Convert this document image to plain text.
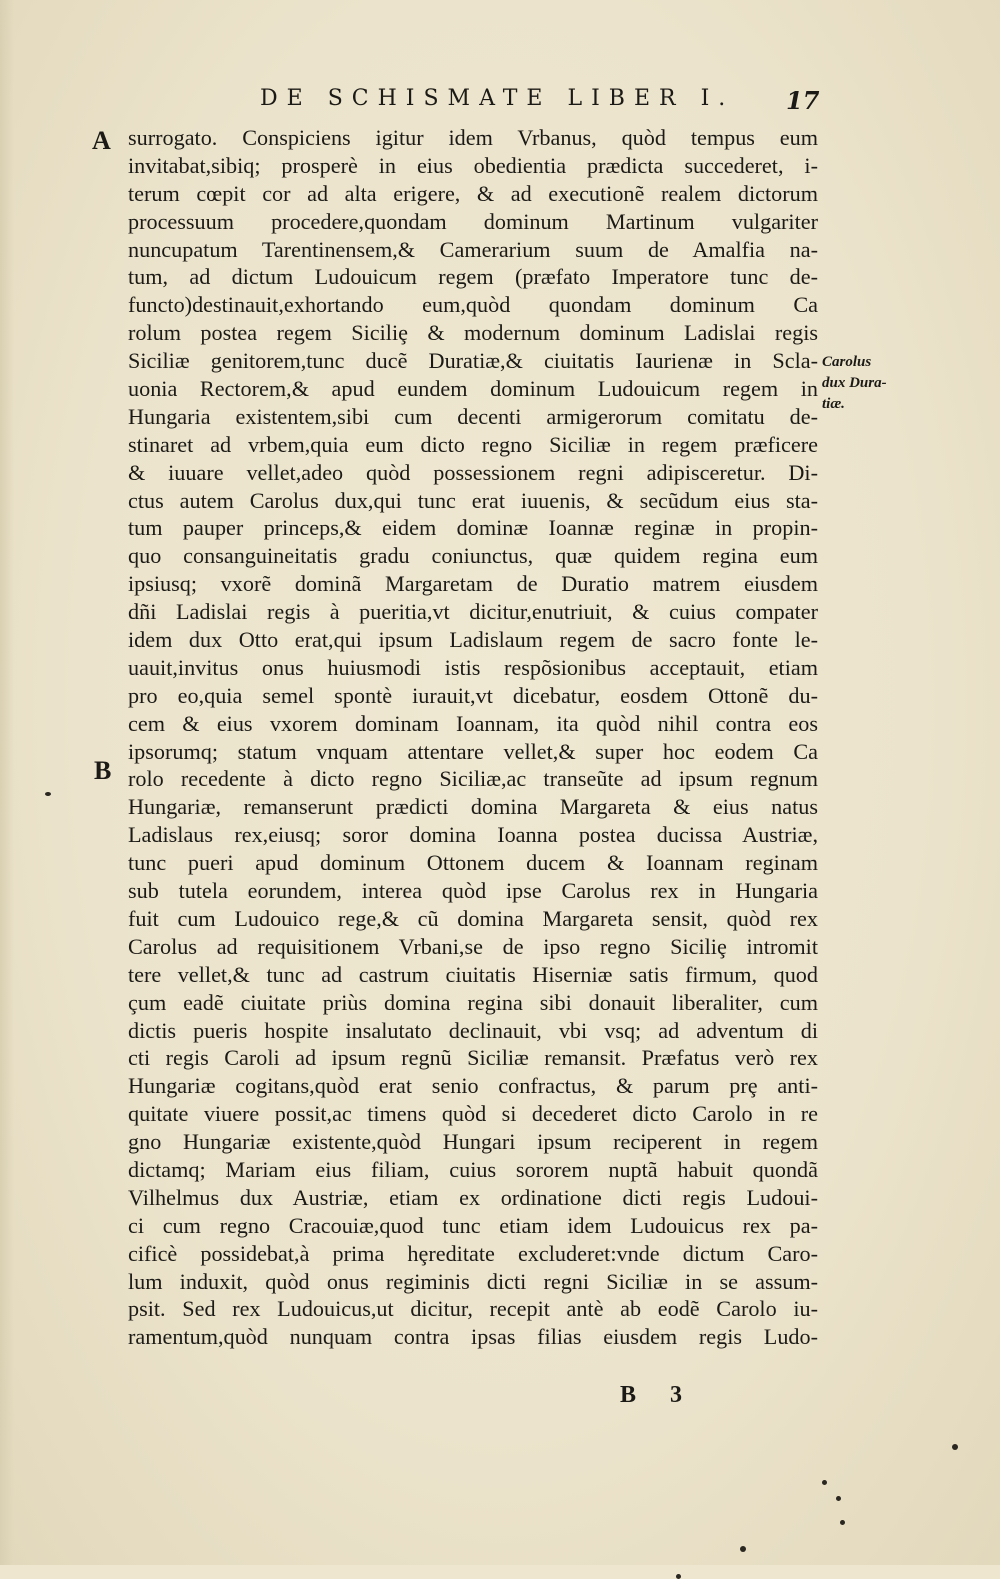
DE SCHISMATE LIBER I. 17
A
B
surrogato. Conspiciens igitur idem Vrbanus, quòd tempus eum
invitabat,sibiq; prosperè in eius obedientia prædicta succederet, i-
terum cœpit cor ad alta erigere, & ad executionẽ realem dictorum
processuum procedere,quondam dominum Martinum vulgariter
nuncupatum Tarentinensem,& Camerarium suum de Amalfia na-
tum, ad dictum Ludouicum regem (præfato Imperatore tunc de-
functo)destinauit,exhortando eum,quòd quondam dominum Ca
rolum postea regem Siciliȩ & modernum dominum Ladislai regis
Siciliæ genitorem,tunc ducẽ Duratiæ,& ciuitatis Iaurienæ in Scla-
uonia Rectorem,& apud eundem dominum Ludouicum regem in
Hungaria existentem,sibi cum decenti armigerorum comitatu de-
stinaret ad vrbem,quia eum dicto regno Siciliæ in regem præficere
& iuuare vellet,adeo quòd possessionem regni adipisceretur. Di-
ctus autem Carolus dux,qui tunc erat iuuenis, & secũdum eius sta-
tum pauper princeps,& eidem dominæ Ioannæ reginæ in propin-
quo consanguineitatis gradu coniunctus, quæ quidem regina eum
ipsiusq; vxorẽ dominã Margaretam de Duratio matrem eiusdem
dñi Ladislai regis à pueritia,vt dicitur,enutriuit, & cuius compater
idem dux Otto erat,qui ipsum Ladislaum regem de sacro fonte le-
uauit,invitus onus huiusmodi istis respõsionibus acceptauit, etiam
pro eo,quia semel spontè iurauit,vt dicebatur, eosdem Ottonẽ du-
cem & eius vxorem dominam Ioannam, ita quòd nihil contra eos
ipsorumq; statum vnquam attentare vellet,& super hoc eodem Ca
rolo recedente à dicto regno Siciliæ,ac transeũte ad ipsum regnum
Hungariæ, remanserunt prædicti domina Margareta & eius natus
Ladislaus rex,eiusq; soror domina Ioanna postea ducissa Austriæ,
tunc pueri apud dominum Ottonem ducem & Ioannam reginam
sub tutela eorundem, interea quòd ipse Carolus rex in Hungaria
fuit cum Ludouico rege,& cũ domina Margareta sensit, quòd rex
Carolus ad requisitionem Vrbani,se de ipso regno Siciliȩ intromit
tere vellet,& tunc ad castrum ciuitatis Hiserniæ satis firmum, quod
çum eadẽ ciuitate priùs domina regina sibi donauit liberaliter, cum
dictis pueris hospite insalutato declinauit, vbi vsq; ad adventum di
cti regis Caroli ad ipsum regnũ Siciliæ remansit. Præfatus verò rex
Hungariæ cogitans,quòd erat senio confractus, & parum prȩ anti-
quitate viuere possit,ac timens quòd si decederet dicto Carolo in re
gno Hungariæ existente,quòd Hungari ipsum reciperent in regem
dictamq; Mariam eius filiam, cuius sororem nuptã habuit quondã
Vilhelmus dux Austriæ, etiam ex ordinatione dicti regis Ludoui-
ci cum regno Cracouiæ,quod tunc etiam idem Ludouicus rex pa-
cificè possidebat,à prima hȩreditate excluderet:vnde dictum Caro-
lum induxit, quòd onus regiminis dicti regni Siciliæ in se assum-
psit. Sed rex Ludouicus,ut dicitur, recepit antè ab eodẽ Carolo iu-
ramentum,quòd nunquam contra ipsas filias eiusdem regis Ludo-
Carolus
dux Dura-
tiæ.
B 3
